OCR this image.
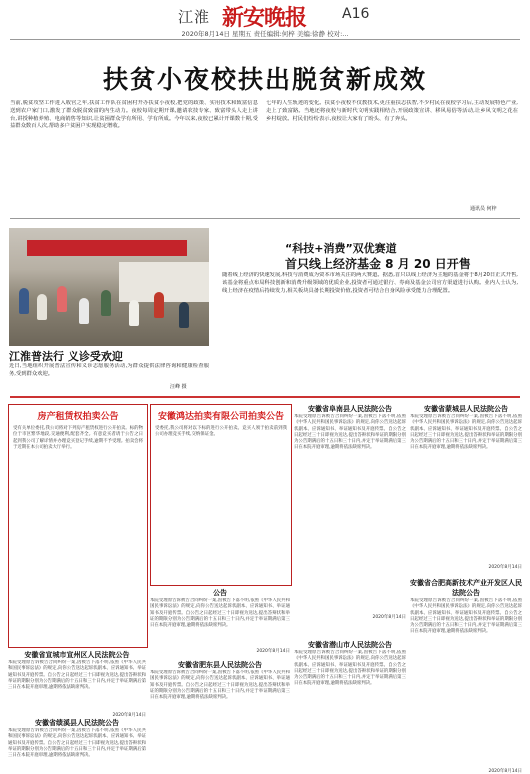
江淮 新安晚报	A16
2020年8月14日 星期五 责任编辑:何梓 美编:徐静 校对:...
扶贫小夜校扶出脱贫新成效
当前,脱贫攻坚工作进入收官之年,扶贫工作队在贫困村开办扶贫小夜校,把党的政策、实用技术和致富信息送到农户家门口,激发了群众脱贫致富的内生动力。夜校每周定期开课,邀请农技专家、致富带头人走上讲台,讲授种植养殖、电商销售等知识,让贫困群众学有所用、学有所成。今年以来,夜校已累计开课数十期,受益群众数百人次,帮助多户贫困户实现稳定增收。
七年的人生轨迹的变化。扶贫小夜校不仅教技术,更注重扶志扶智,不少村民在夜校学习后,主动发展特色产业,走上了致富路。当地还将夜校与新时代文明实践相结合,开展政策宣讲、移风易俗等活动,让乡风文明之花在乡村绽放。村民们纷纷表示,夜校让大家有了盼头、有了奔头。
通讯员 何梓
江淮普法行 义诊受欢迎
近日,当地组织开展普法宣传和义诊志愿服务活动,为群众提供法律咨询和健康检查服务,受到群众欢迎。
汪峰 摄
“科技+消费”双优赛道
首只线上经济基金 8 月 20 日开售
随着线上经济的快速发展,科技与消费成为资本市场关注的两大赛道。据悉,首只以线上经济为主题的基金将于8月20日正式开售,该基金将重点布局科技创新和消费升级领域的优质企业,投资者可通过银行、券商及基金公司官方渠道进行认购。业内人士认为,线上经济在疫情后持续发力,相关板块具备长期投资价值,投资者可结合自身风险承受能力合理配置。
房产租赁权拍卖公告
受有关单位委托,我公司将对下列房产租赁权进行公开拍卖。标的物位于市区繁华地段,交通便利,配套齐全。有意竞买者请于公告之日起到我公司了解详情并办理竞买登记手续,逾期不予受理。拍卖会将于近期在本公司拍卖大厅举行。
安徽省宣城市宣州区人民法院公告
本院受理原告诉被告合同纠纷一案,因被告下落不明,依照《中华人民共和国民事诉讼法》的规定,向你公告送达起诉状副本、应诉通知书、举证通知书及开庭传票。自公告之日起经过三十日即视为送达,提出答辩状和举证的期限分别为公告期满后的十五日和三十日内,并定于举证期满后第三日在本院开庭审理,逾期将依法缺席判决。
2020年8月14日
安徽省绩溪县人民法院公告
本院受理原告诉被告合同纠纷一案,因被告下落不明,依照《中华人民共和国民事诉讼法》的规定,向你公告送达起诉状副本、应诉通知书、举证通知书及开庭传票。自公告之日起经过三十日即视为送达,提出答辩状和举证的期限分别为公告期满后的十五日和三十日内,并定于举证期满后第三日在本院开庭审理,逾期将依法缺席判决。
安徽鸿达拍卖有限公司拍卖公告
受委托,我公司将对以下标的进行公开拍卖。竞买人须于拍卖前到我公司办理竞买手续,交纳保证金。
公告
本院受理原告诉被告合同纠纷一案,因被告下落不明,依照《中华人民共和国民事诉讼法》的规定,向你公告送达起诉状副本、应诉通知书、举证通知书及开庭传票。自公告之日起经过三十日即视为送达,提出答辩状和举证的期限分别为公告期满后的十五日和三十日内,并定于举证期满后第三日在本院开庭审理,逾期将依法缺席判决。
2020年8月14日
安徽省肥东县人民法院公告
本院受理原告诉被告合同纠纷一案,因被告下落不明,依照《中华人民共和国民事诉讼法》的规定,向你公告送达起诉状副本、应诉通知书、举证通知书及开庭传票。自公告之日起经过三十日即视为送达,提出答辩状和举证的期限分别为公告期满后的十五日和三十日内,并定于举证期满后第三日在本院开庭审理,逾期将依法缺席判决。
安徽省阜南县人民法院公告
本院受理原告诉被告合同纠纷一案,因被告下落不明,依照《中华人民共和国民事诉讼法》的规定,向你公告送达起诉状副本、应诉通知书、举证通知书及开庭传票。自公告之日起经过三十日即视为送达,提出答辩状和举证的期限分别为公告期满后的十五日和三十日内,并定于举证期满后第三日在本院开庭审理,逾期将依法缺席判决。
2020年8月14日
安徽省潜山市人民法院公告
本院受理原告诉被告合同纠纷一案,因被告下落不明,依照《中华人民共和国民事诉讼法》的规定,向你公告送达起诉状副本、应诉通知书、举证通知书及开庭传票。自公告之日起经过三十日即视为送达,提出答辩状和举证的期限分别为公告期满后的十五日和三十日内,并定于举证期满后第三日在本院开庭审理,逾期将依法缺席判决。
安徽省蒙城县人民法院公告
本院受理原告诉被告合同纠纷一案,因被告下落不明,依照《中华人民共和国民事诉讼法》的规定,向你公告送达起诉状副本、应诉通知书、举证通知书及开庭传票。自公告之日起经过三十日即视为送达,提出答辩状和举证的期限分别为公告期满后的十五日和三十日内,并定于举证期满后第三日在本院开庭审理,逾期将依法缺席判决。
2020年8月14日
安徽省合肥高新技术产业开发区人民法院公告
本院受理原告诉被告合同纠纷一案,因被告下落不明,依照《中华人民共和国民事诉讼法》的规定,向你公告送达起诉状副本、应诉通知书、举证通知书及开庭传票。自公告之日起经过三十日即视为送达,提出答辩状和举证的期限分别为公告期满后的十五日和三十日内,并定于举证期满后第三日在本院开庭审理,逾期将依法缺席判决。
2020年8月14日
